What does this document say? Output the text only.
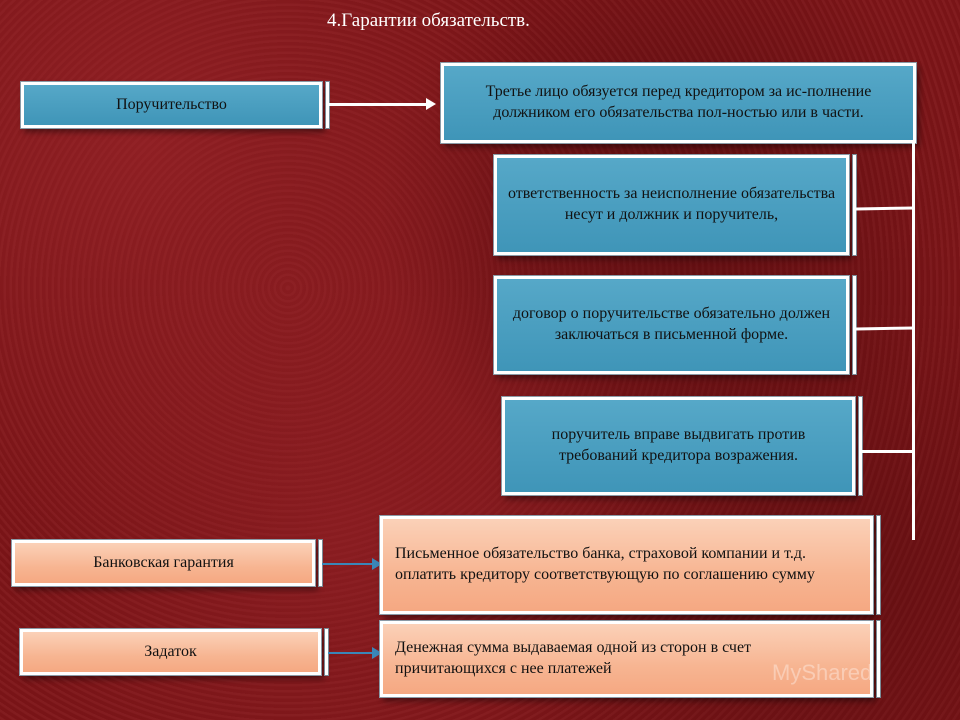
4.Гарантии обязательств.
Поручительство
Третье лицо обязуется перед кредитором за ис-полнение должником его обязательства пол-ностью или в части.
ответственность за неисполнение обязательства несут и должник и поручитель,
договор о поручительстве обязательно должен заключаться в письменной форме.
поручитель вправе выдвигать против требований кредитора возражения.
Банковская гарантия	Письменное обязательство банка, страховой компании и т.д. оплатить кредитору соответствующую по соглашению сумму
Задаток	Денежная сумма выдаваемая одной из сторон в счет причитающихся с нее платежей	MyShared
